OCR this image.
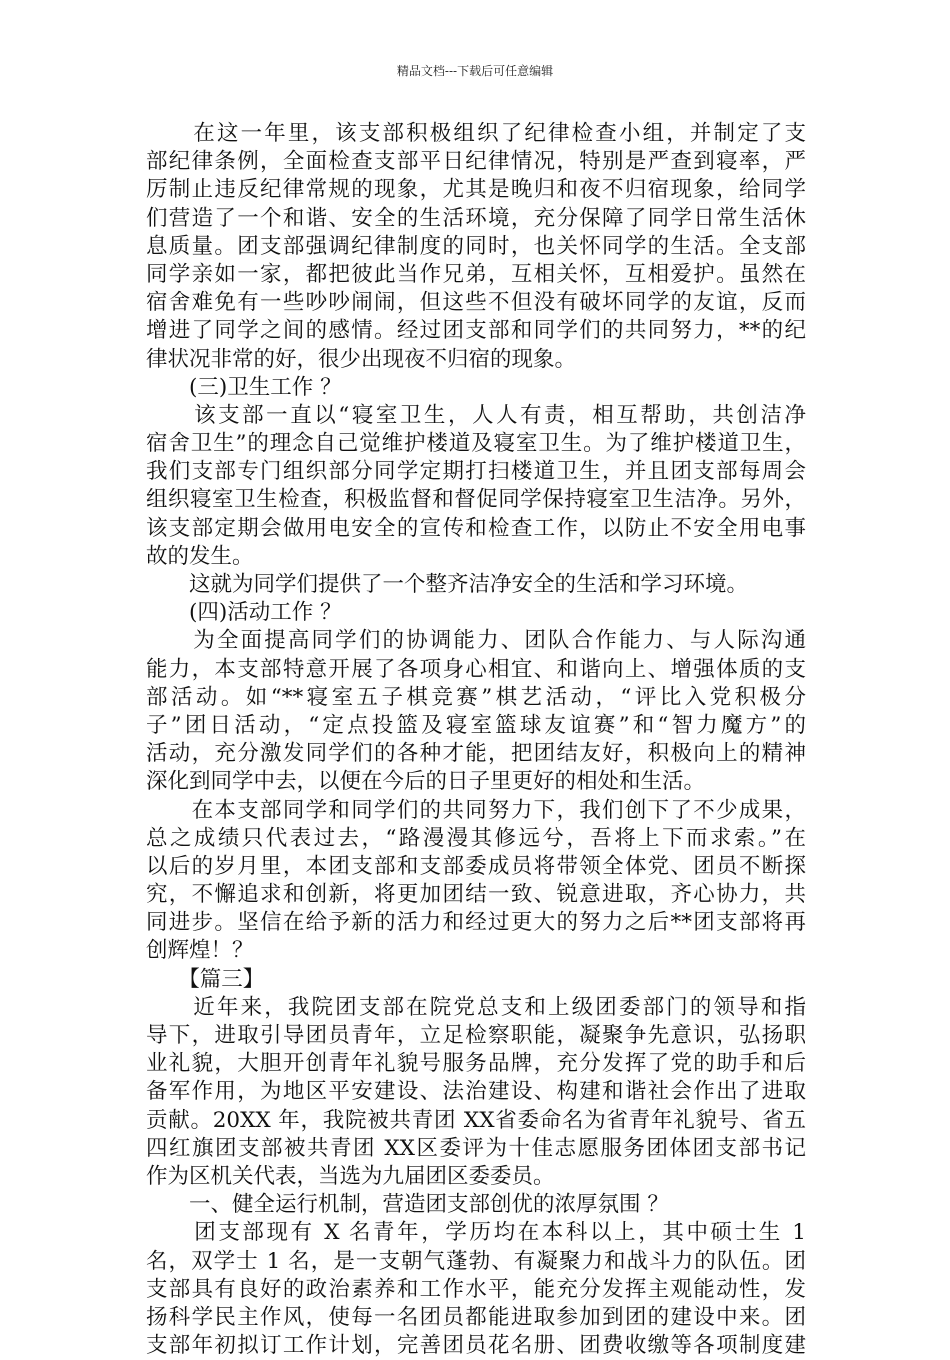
精品文档---下载后可任意编辑
　　在这一年里，该支部积极组织了纪律检查小组，并制定了支
部纪律条例，全面检查支部平日纪律情况，特别是严查到寝率，严
厉制止违反纪律常规的现象，尤其是晚归和夜不归宿现象，给同学
们营造了一个和谐、安全的生活环境，充分保障了同学日常生活休
息质量。团支部强调纪律制度的同时，也关怀同学的生活。全支部
同学亲如一家，都把彼此当作兄弟，互相关怀，互相爱护。虽然在
宿舍难免有一些吵吵闹闹，但这些不但没有破坏同学的友谊，反而
增进了同学之间的感情。经过团支部和同学们的共同努力，**的纪
律状况非常的好，很少出现夜不归宿的现象。
　　(三)卫生工作 ？
　　该支部一直以“寝室卫生，人人有责，相互帮助，共创洁净
宿舍卫生”的理念自己觉维护楼道及寝室卫生。为了维护楼道卫生，
我们支部专门组织部分同学定期打扫楼道卫生，并且团支部每周会
组织寝室卫生检查，积极监督和督促同学保持寝室卫生洁净。另外，
该支部定期会做用电安全的宣传和检查工作，以防止不安全用电事
故的发生。
　　这就为同学们提供了一个整齐洁净安全的生活和学习环境。
　　(四)活动工作 ？
　　为全面提高同学们的协调能力、团队合作能力、与人际沟通
能力，本支部特意开展了各项身心相宜、和谐向上、增强体质的支
部活动。如“**寝室五子棋竞赛”棋艺活动，“评比入党积极分
子”团日活动，“定点投篮及寝室篮球友谊赛”和“智力魔方”的
活动，充分激发同学们的各种才能，把团结友好，积极向上的精神
深化到同学中去，以便在今后的日子里更好的相处和生活。
　　在本支部同学和同学们的共同努力下，我们创下了不少成果，
总之成绩只代表过去，“路漫漫其修远兮，吾将上下而求索。”在
以后的岁月里，本团支部和支部委成员将带领全体党、团员不断探
究，不懈追求和创新，将更加团结一致、锐意进取，齐心协力，共
同进步。坚信在给予新的活力和经过更大的努力之后**团支部将再
创辉煌！？
　　【篇三】
　　近年来，我院团支部在院党总支和上级团委部门的领导和指
导下，进取引导团员青年，立足检察职能，凝聚争先意识，弘扬职
业礼貌，大胆开创青年礼貌号服务品牌，充分发挥了党的助手和后
备军作用，为地区平安建设、法治建设、构建和谐社会作出了进取
贡献。20XX 年，我院被共青团 XX省委命名为省青年礼貌号、省五
四红旗团支部被共青团 XX区委评为十佳志愿服务团体团支部书记
作为区机关代表，当选为九届团区委委员。
　　一、健全运行机制，营造团支部创优的浓厚氛围 ？
　　团支部现有 X 名青年，学历均在本科以上，其中硕士生 1
名，双学士 1 名，是一支朝气蓬勃、有凝聚力和战斗力的队伍。团
支部具有良好的政治素养和工作水平，能充分发挥主观能动性，发
扬科学民主作风，使每一名团员都能进取参加到团的建设中来。团
支部年初拟订工作计划，完善团员花名册、团费收缴等各项制度建
